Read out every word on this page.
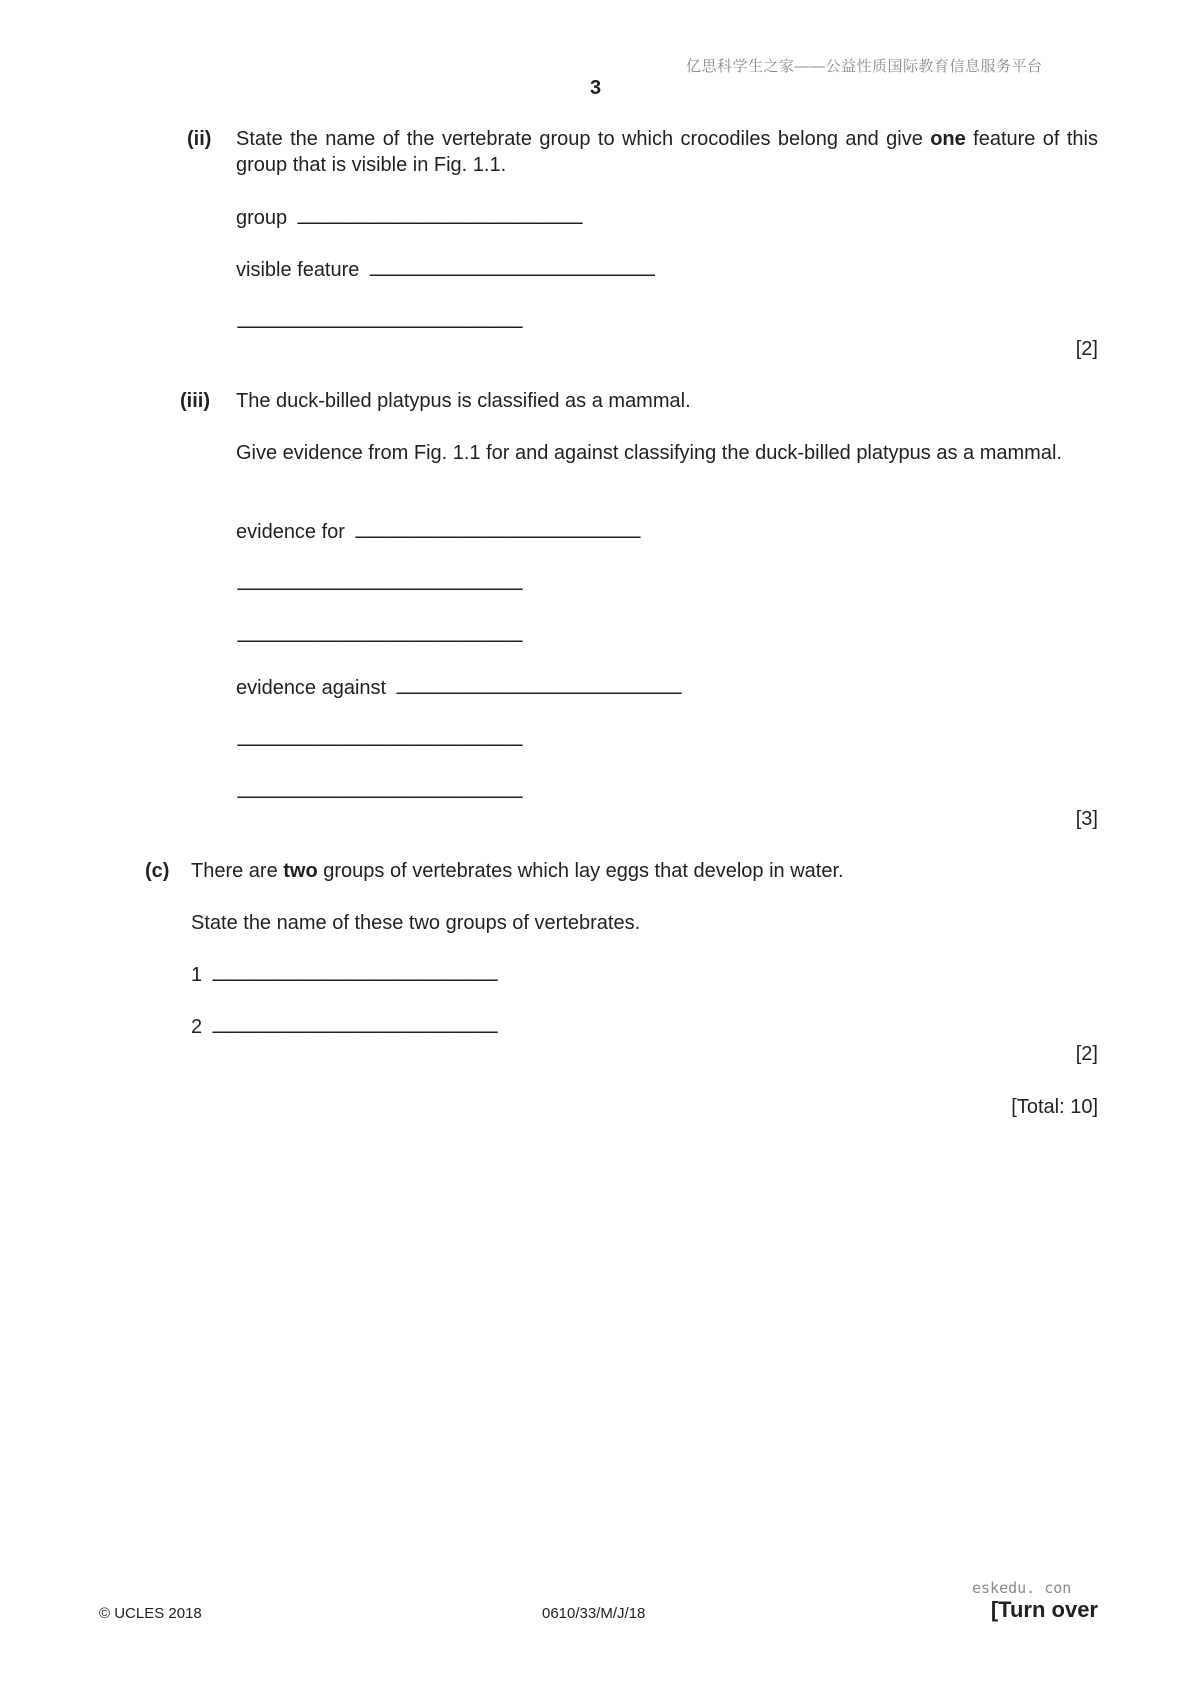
亿思科学生之家——公益性质国际教育信息服务平台
3
(ii) State the name of the vertebrate group to which crocodiles belong and give one feature of this group that is visible in Fig. 1.1.
group
. . .
visible feature
. . .
. . .
[2]
(iii) The duck-billed platypus is classified as a mammal.
Give evidence from Fig. 1.1 for and against classifying the duck-billed platypus as a mammal.
evidence for
. . .
. . .
. . .
evidence against
. . .
. . .
. . .
[3]
(c) There are two groups of vertebrates which lay eggs that develop in water.
State the name of these two groups of vertebrates.
1
. . .
2
. . .
[2]
[Total: 10]
eskedu. con
© UCLES 2018	0610/33/M/J/18	[Turn over
